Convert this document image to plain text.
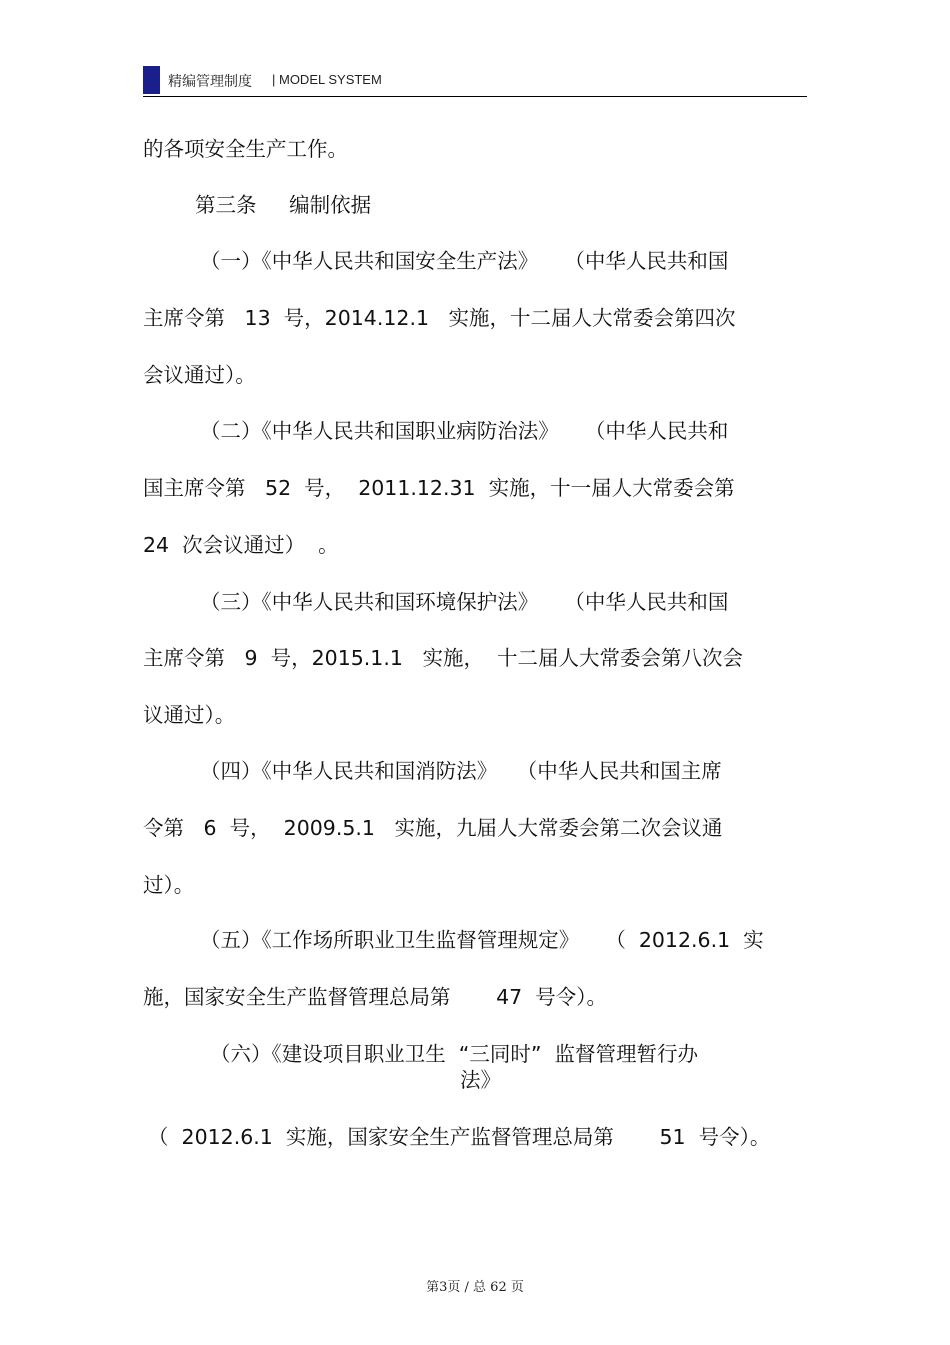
精编管理制度 | MODEL SYSTEM
的各项安全生产工作。
第三条     编制依据
（一）《中华人民共和国安全生产法》    （中华人民共和国
主席令第   13  号，2014.12.1   实施，十二届人大常委会第四次
会议通过）。
（二）《中华人民共和国职业病防治法》    （中华人民共和
国主席令第   52  号，  2011.12.31  实施，十一届人大常委会第
24  次会议通过）  。
（三）《中华人民共和国环境保护法》    （中华人民共和国
主席令第   9  号，2015.1.1   实施，  十二届人大常委会第八次会
议通过）。
（四）《中华人民共和国消防法》   （中华人民共和国主席
令第   6  号，  2009.5.1   实施，九届人大常委会第二次会议通
过）。
（五）《工作场所职业卫生监督管理规定》    （  2012.6.1  实
施，国家安全生产监督管理总局第       47  号令）。
（六）《建设项目职业卫生  “三同时”  监督管理暂行办
法》
（  2012.6.1  实施，国家安全生产监督管理总局第       51  号令）。
第3页 / 总 62 页
